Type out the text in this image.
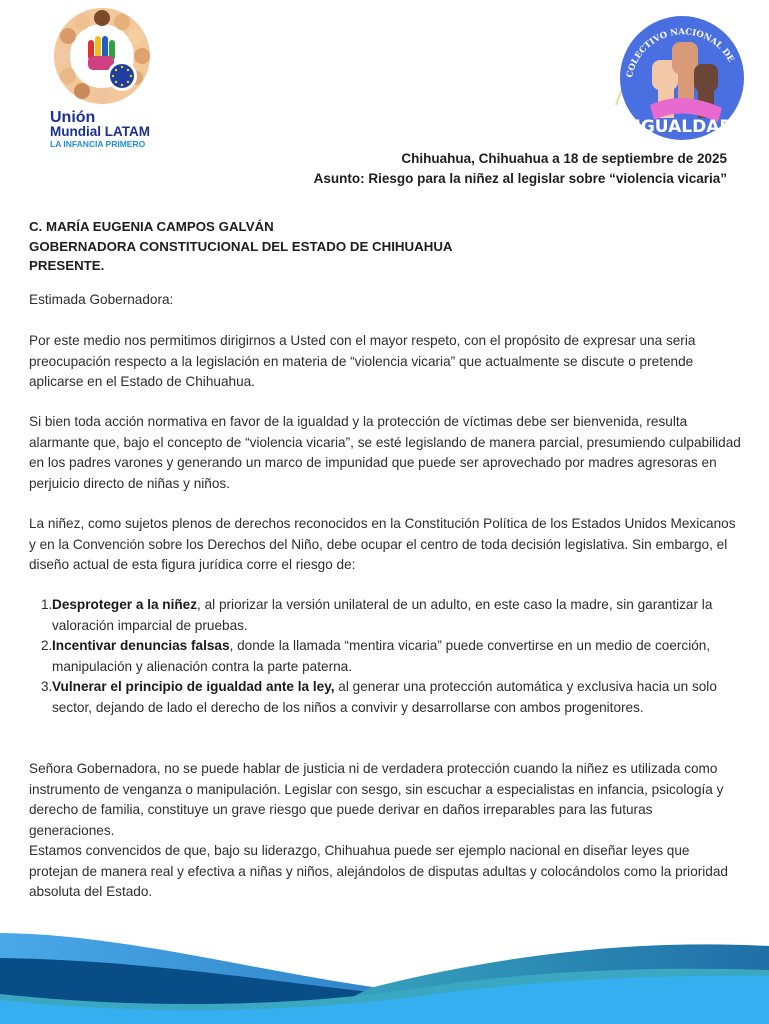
Unión
Mundial LATAM
LA INFANCIA PRIMERO
COLECTIVO NACIONAL DE
IGUALDAD
Chihuahua, Chihuahua a 18 de septiembre de 2025
Asunto: Riesgo para la niñez al legislar sobre “violencia vicaria”
C. MARÍA EUGENIA CAMPOS GALVÁN
GOBERNADORA CONSTITUCIONAL DEL ESTADO DE CHIHUAHUA
PRESENTE.
Estimada Gobernadora:
Por este medio nos permitimos dirigirnos a Usted con el mayor respeto, con el propósito de expresar una seria preocupación respecto a la legislación en materia de “violencia vicaria” que actualmente se discute o pretende aplicarse en el Estado de Chihuahua.
Si bien toda acción normativa en favor de la igualdad y la protección de víctimas debe ser bienvenida, resulta alarmante que, bajo el concepto de “violencia vicaria”, se esté legislando de manera parcial, presumiendo culpabilidad en los padres varones y generando un marco de impunidad que puede ser aprovechado por madres agresoras en perjuicio directo de niñas y niños.
La niñez, como sujetos plenos de derechos reconocidos en la Constitución Política de los Estados Unidos Mexicanos y en la Convención sobre los Derechos del Niño, debe ocupar el centro de toda decisión legislativa. Sin embargo, el diseño actual de esta figura jurídica corre el riesgo de:
1. Desproteger a la niñez, al priorizar la versión unilateral de un adulto, en este caso la madre, sin garantizar la valoración imparcial de pruebas.
2. Incentivar denuncias falsas, donde la llamada “mentira vicaria” puede convertirse en un medio de coerción, manipulación y alienación contra la parte paterna.
3. Vulnerar el principio de igualdad ante la ley, al generar una protección automática y exclusiva hacia un solo sector, dejando de lado el derecho de los niños a convivir y desarrollarse con ambos progenitores.
Señora Gobernadora, no se puede hablar de justicia ni de verdadera protección cuando la niñez es utilizada como instrumento de venganza o manipulación. Legislar con sesgo, sin escuchar a especialistas en infancia, psicología y derecho de familia, constituye un grave riesgo que puede derivar en daños irreparables para las futuras generaciones.
Estamos convencidos de que, bajo su liderazgo, Chihuahua puede ser ejemplo nacional en diseñar leyes que protejan de manera real y efectiva a niñas y niños, alejándolos de disputas adultas y colocándolos como la prioridad absoluta del Estado.
